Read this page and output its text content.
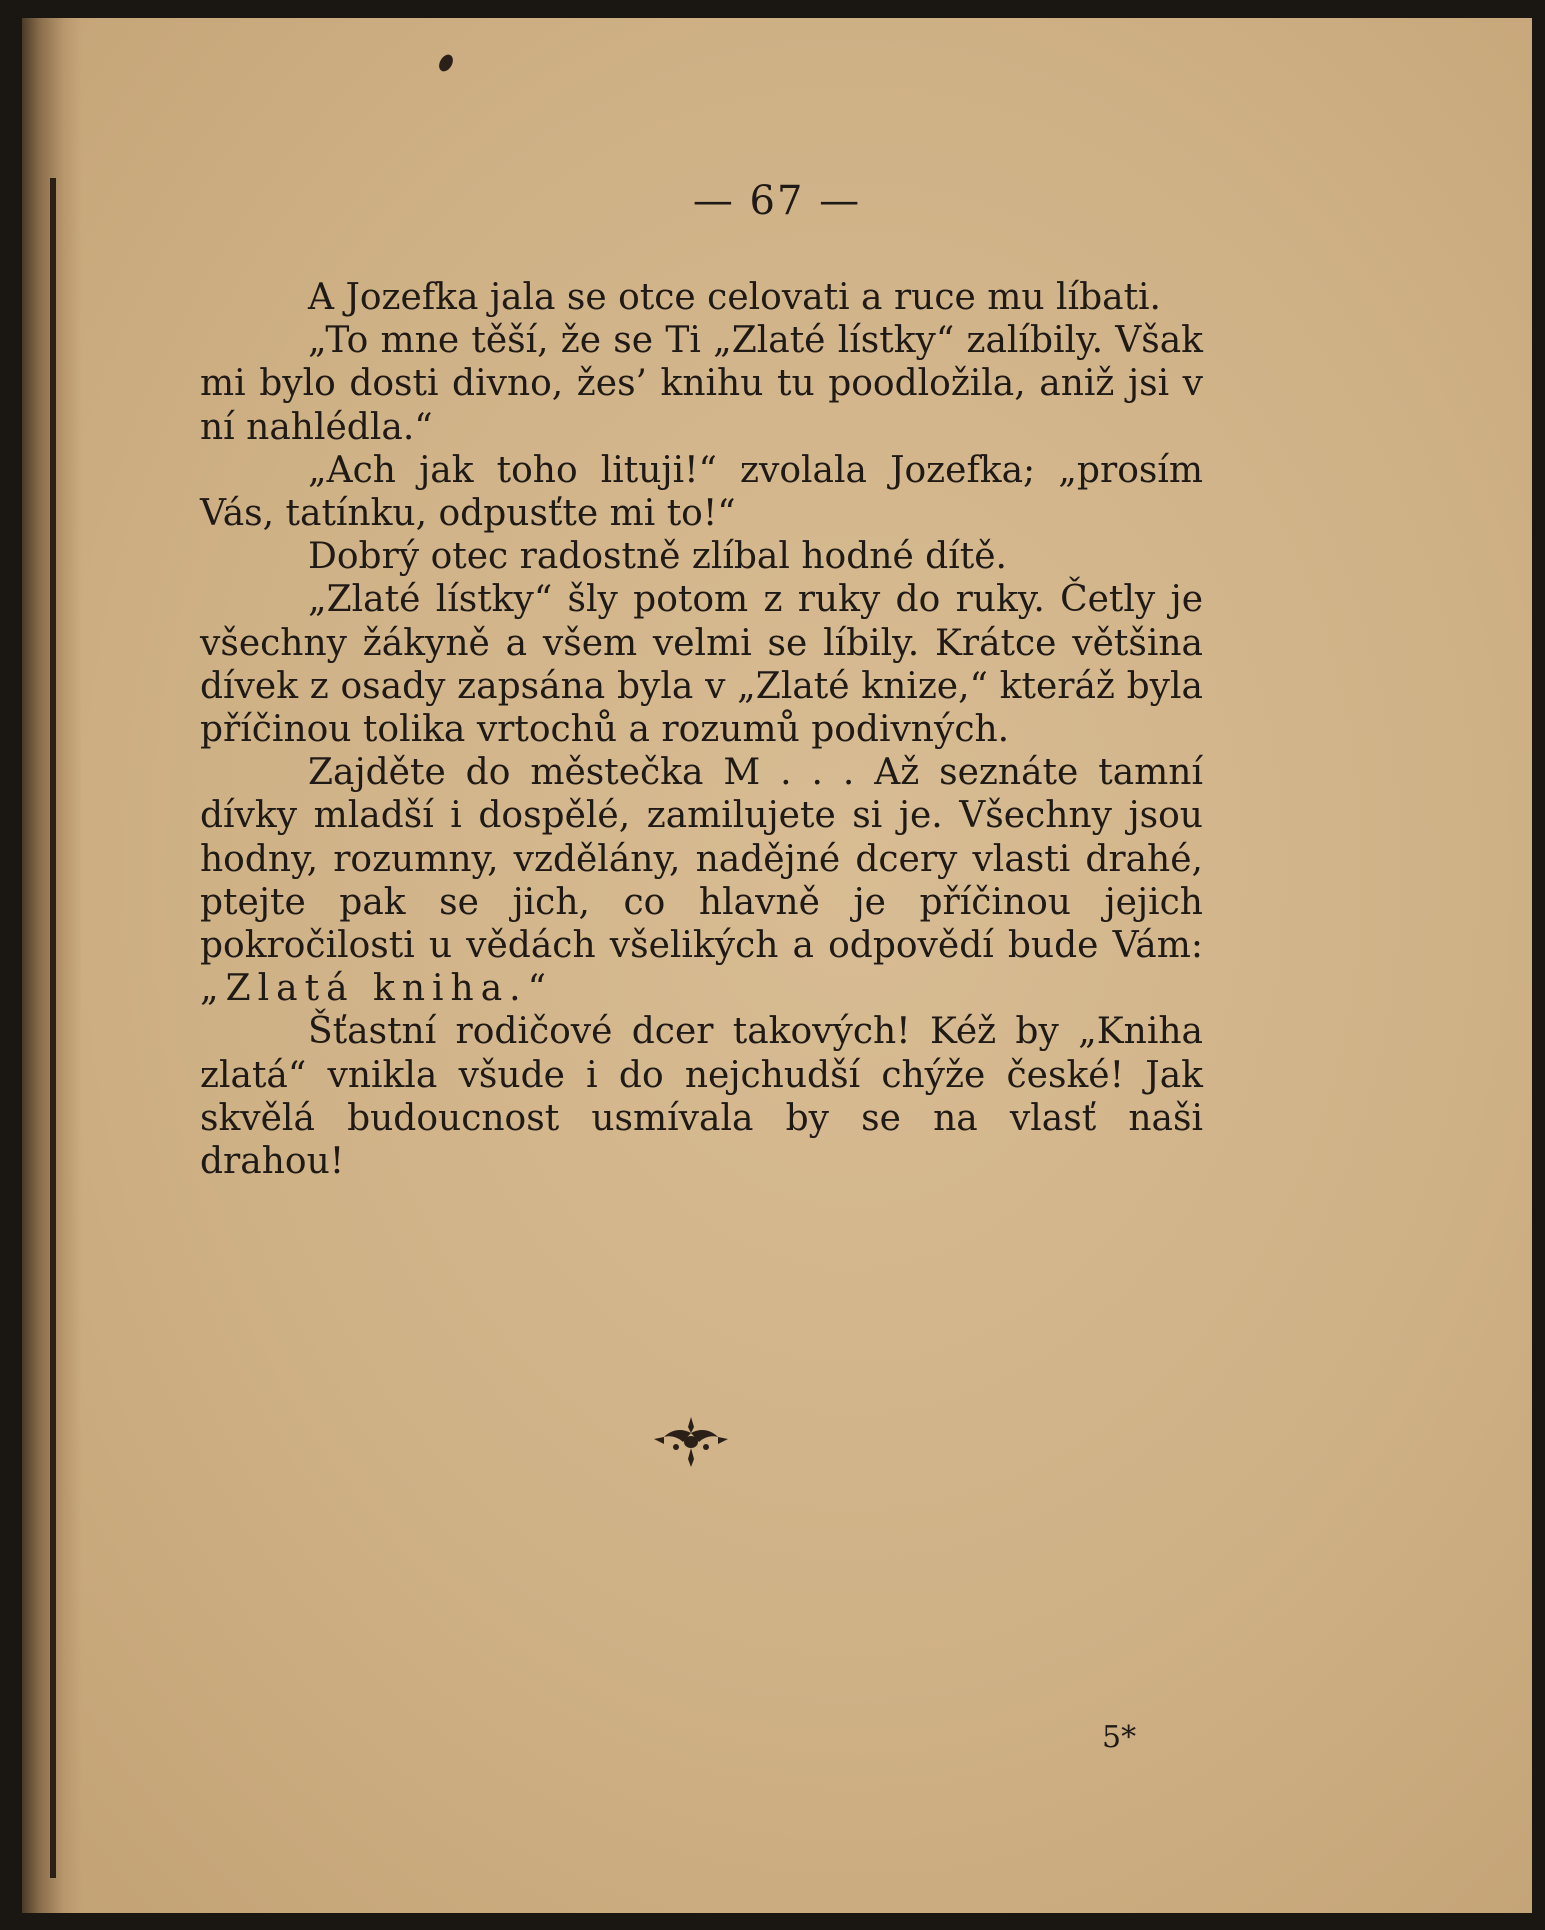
— 67 —

A Jozefka jala se otce celovati a ruce mu líbati.

„To mne těší, že se Ti „Zlaté lístky“ zalíbily. Však mi bylo dosti divno, žes’ knihu tu poodložila, aniž jsi v ní nahlédla.“

„Ach jak toho lituji!“ zvolala Jozefka; „prosím Vás, tatínku, odpusťte mi to!“

Dobrý otec radostně zlíbal hodné dítě.

„Zlaté lístky“ šly potom z ruky do ruky. Četly je všechny žákyně a všem velmi se líbily. Krátce většina dívek z osady zapsána byla v „Zlaté knize,“ kteráž byla příčinou tolika vrtochů a rozumů podivných.

Zajděte do městečka M . . . Až seznáte tamní dívky mladší i dospělé, zamilujete si je. Všechny jsou hodny, rozumny, vzdělány, nadějné dcery vlasti drahé, ptejte pak se jich, co hlavně je příčinou jejich pokročilosti u vědách všelikých a odpovědí bude Vám: „Zlatá kniha.“

Šťastní rodičové dcer takových! Kéž by „Kniha zlatá“ vnikla všude i do nejchudší chýže české! Jak skvělá budoucnost usmívala by se na vlasť naši drahou!

5*
